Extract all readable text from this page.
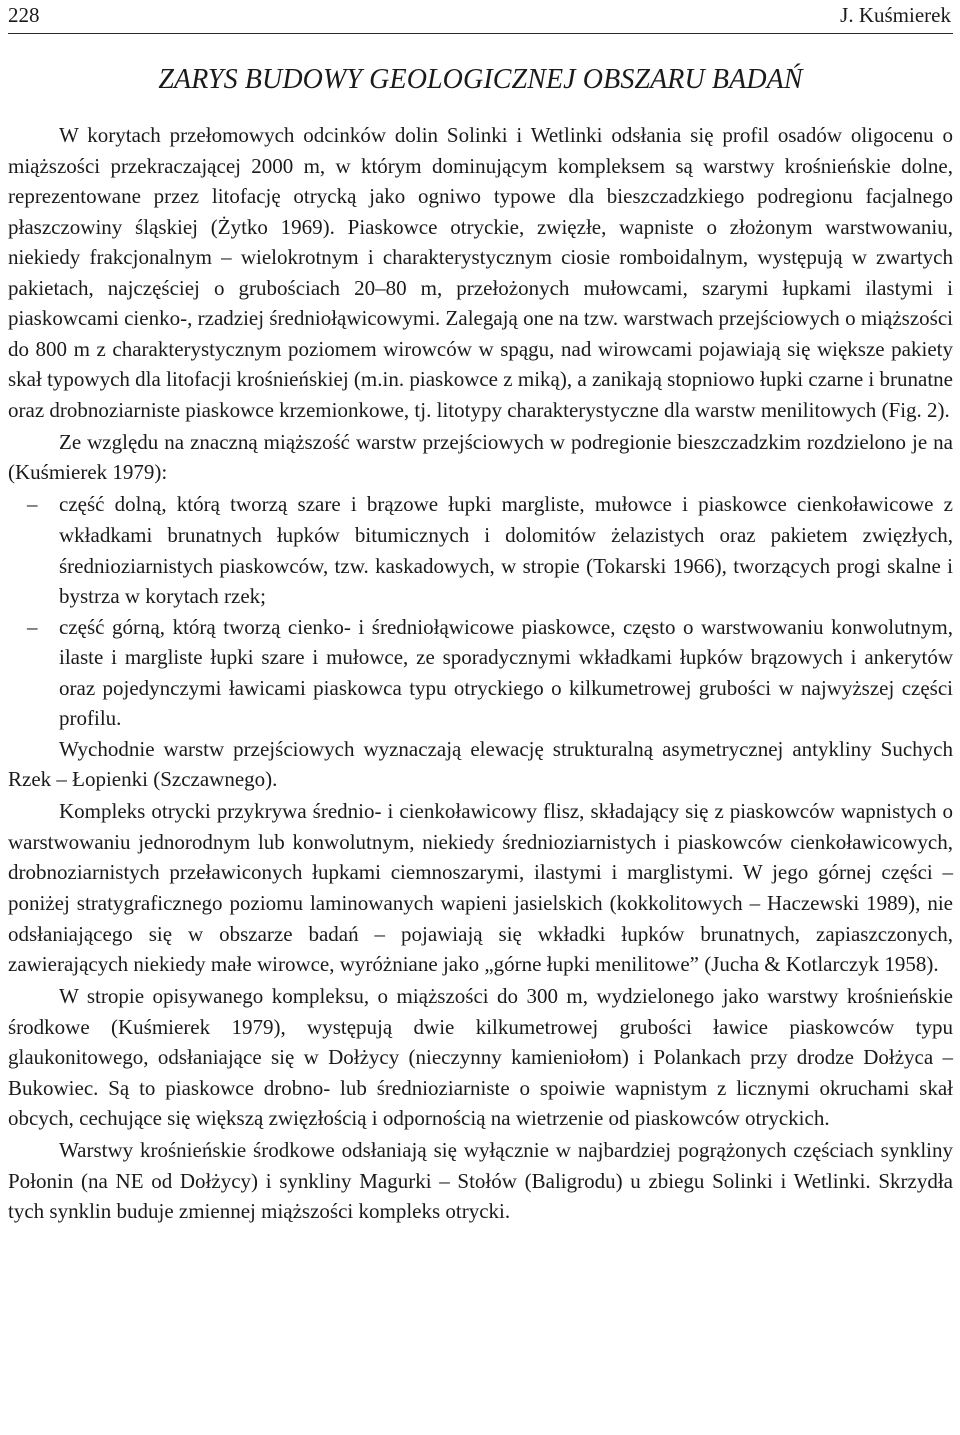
228	J. Kuśmierek
ZARYS BUDOWY GEOLOGICZNEJ OBSZARU BADAŃ

W korytach przełomowych odcinków dolin Solinki i Wetlinki odsłania się profil osadów oligocenu o miąższości przekraczającej 2000 m, w którym dominującym kompleksem są warstwy krośnieńskie dolne, reprezentowane przez litofację otrycką jako ogniwo typowe dla bieszczadzkiego podregionu facjalnego płaszczowiny śląskiej (Żytko 1969). Piaskowce otryckie, zwięzłe, wapniste o złożonym warstwowaniu, niekiedy frakcjonalnym – wielokrotnym i charakterystycznym ciosie romboidalnym, występują w zwartych pakietach, najczęściej o grubościach 20–80 m, przełożonych mułowcami, szarymi łupkami ilastymi i piaskowcami cienko-, rzadziej średniołąwicowymi. Zalegają one na tzw. warstwach przejściowych o miąższości do 800 m z charakterystycznym poziomem wirowców w spągu, nad wirowcami pojawiają się większe pakiety skał typowych dla litofacji krośnieńskiej (m.in. piaskowce z miką), a zanikają stopniowo łupki czarne i brunatne oraz drobnoziarniste piaskowce krzemionkowe, tj. litotypy charakterystyczne dla warstw menilitowych (Fig. 2).

Ze względu na znaczną miąższość warstw przejściowych w podregionie bieszczadzkim rozdzielono je na (Kuśmierek 1979):

– część dolną, którą tworzą szare i brązowe łupki margliste, mułowce i piaskowce cienkoławicowe z wkładkami brunatnych łupków bitumicznych i dolomitów żelazistych oraz pakietem zwięzłych, średnioziarnistych piaskowców, tzw. kaskadowych, w stropie (Tokarski 1966), tworzących progi skalne i bystrza w korytach rzek;
– część górną, którą tworzą cienko- i średniołąwicowe piaskowce, często o warstwowaniu konwolutnym, ilaste i margliste łupki szare i mułowce, ze sporadycznymi wkładkami łupków brązowych i ankerytów oraz pojedynczymi ławicami piaskowca typu otryckiego o kilkumetrowej grubości w najwyższej części profilu.

Wychodnie warstw przejściowych wyznaczają elewację strukturalną asymetrycznej antykliny Suchych Rzek – Łopienki (Szczawnego).

Kompleks otrycki przykrywa średnio- i cienkoławicowy flisz, składający się z piaskowców wapnistych o warstwowaniu jednorodnym lub konwolutnym, niekiedy średnioziarnistych i piaskowców cienkoławicowych, drobnoziarnistych przeławiconych łupkami ciemnoszarymi, ilastymi i marglistymi. W jego górnej części – poniżej stratygraficznego poziomu laminowanych wapieni jasielskich (kokkolitowych – Haczewski 1989), nie odsłaniającego się w obszarze badań – pojawiają się wkładki łupków brunatnych, zapiaszczonych, zawierających niekiedy małe wirowce, wyróżniane jako „górne łupki menilitowe” (Jucha & Kotlarczyk 1958).

W stropie opisywanego kompleksu, o miąższości do 300 m, wydzielonego jako warstwy krośnieńskie środkowe (Kuśmierek 1979), występują dwie kilkumetrowej grubości ławice piaskowców typu glaukonitowego, odsłaniające się w Dołżycy (nieczynny kamieniołom) i Polankach przy drodze Dołżyca – Bukowiec. Są to piaskowce drobno- lub średnioziarniste o spoiwie wapnistym z licznymi okruchami skał obcych, cechujące się większą zwięzłością i odpornością na wietrzenie od piaskowców otryckich.

Warstwy krośnieńskie środkowe odsłaniają się wyłącznie w najbardziej pogrążonych częściach synkliny Połonin (na NE od Dołżycy) i synkliny Magurki – Stołów (Baligrodu) u zbiegu Solinki i Wetlinki. Skrzydła tych synklin buduje zmiennej miąższości kompleks otrycki.
